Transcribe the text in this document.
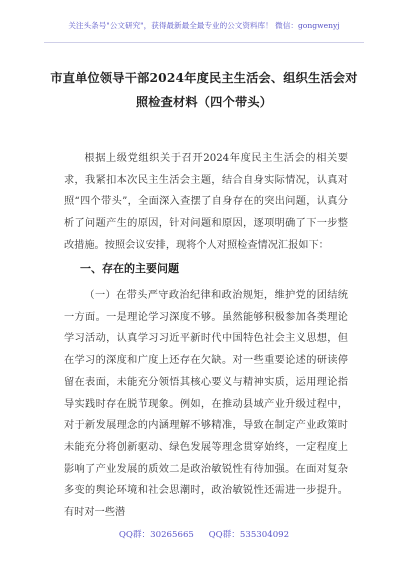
关注头条号"公文研究"，获得最新最全最专业的公文资料库！ 微信：gongwenyj
市直单位领导干部2024年度民主生活会、组织生活会对照检查材料（四个带头）

根据上级党组织关于召开2024年度民主生活会的相关要求，我紧扣本次民主生活会主题，结合自身实际情况，认真对照“四个带头”，全面深入查摆了自身存在的突出问题，认真分析了问题产生的原因，针对问题和原因，逐项明确了下一步整改措施。按照会议安排，现将个人对照检查情况汇报如下：

一、存在的主要问题

（一）在带头严守政治纪律和政治规矩，维护党的团结统一方面。一是理论学习深度不够。虽然能够积极参加各类理论学习活动，认真学习习近平新时代中国特色社会主义思想，但在学习的深度和广度上还存在欠缺。对一些重要论述的研读停留在表面，未能充分领悟其核心要义与精神实质，运用理论指导实践时存在脱节现象。例如，在推动县域产业升级过程中，对于新发展理念的内涵理解不够精准，导致在制定产业政策时未能充分将创新驱动、绿色发展等理念贯穿始终，一定程度上影响了产业发展的质效二是政治敏锐性有待加强。在面对复杂多变的舆论环境和社会思潮时，政治敏锐性还需进一步提升。有时对一些潜

QQ群：30265665 QQ群：535304092
